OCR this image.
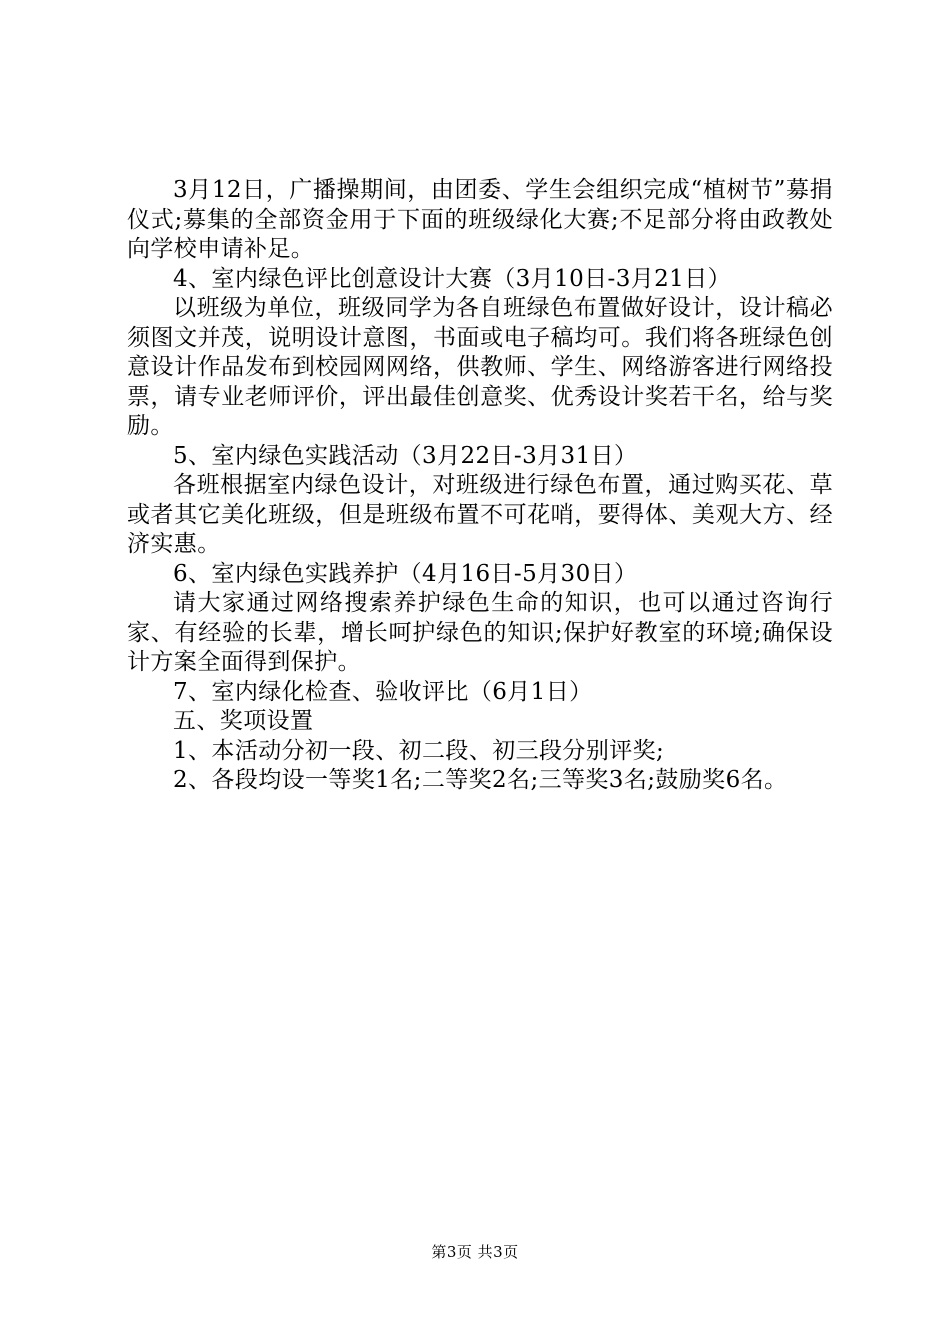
3月12日，广播操期间，由团委、学生会组织完成“植树节”募捐仪式;募集的全部资金用于下面的班级绿化大赛;不足部分将由政教处向学校申请补足。

4、室内绿色评比创意设计大赛（3月10日-3月21日）

以班级为单位，班级同学为各自班绿色布置做好设计，设计稿必须图文并茂，说明设计意图，书面或电子稿均可。我们将各班绿色创意设计作品发布到校园网网络，供教师、学生、网络游客进行网络投票，请专业老师评价，评出最佳创意奖、优秀设计奖若干名，给与奖励。

5、室内绿色实践活动（3月22日-3月31日）

各班根据室内绿色设计，对班级进行绿色布置，通过购买花、草或者其它美化班级，但是班级布置不可花哨，要得体、美观大方、经济实惠。

6、室内绿色实践养护（4月16日-5月30日）

请大家通过网络搜索养护绿色生命的知识，也可以通过咨询行家、有经验的长辈，增长呵护绿色的知识;保护好教室的环境;确保设计方案全面得到保护。

7、室内绿化检查、验收评比（6月1日）

五、奖项设置

1、本活动分初一段、初二段、初三段分别评奖;

2、各段均设一等奖1名;二等奖2名;三等奖3名;鼓励奖6名。

第3页 共3页
